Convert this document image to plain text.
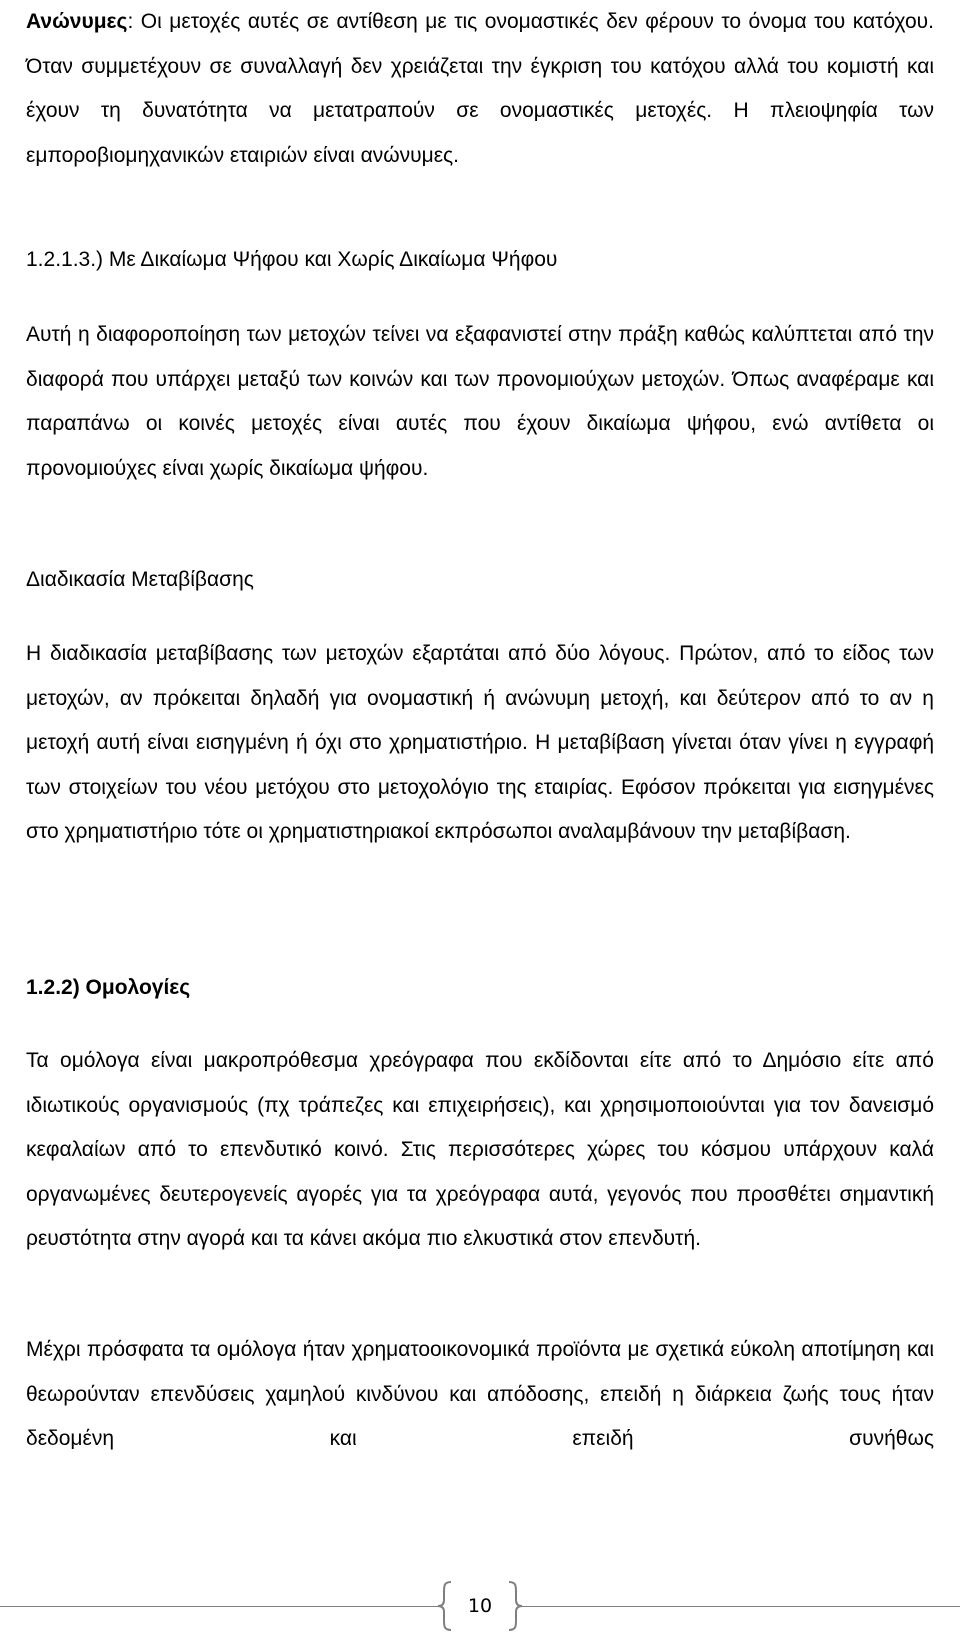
Ανώνυμες: Οι μετοχές αυτές σε αντίθεση με τις ονομαστικές δεν φέρουν το όνομα του κατόχου. Όταν συμμετέχουν σε συναλλαγή δεν χρειάζεται την έγκριση του κατόχου αλλά του κομιστή και έχουν τη δυνατότητα να μετατραπούν σε ονομαστικές μετοχές. Η πλειοψηφία των εμποροβιομηχανικών εταιριών είναι ανώνυμες.

1.2.1.3.) Με Δικαίωμα Ψήφου και Χωρίς Δικαίωμα Ψήφου

Αυτή η διαφοροποίηση των μετοχών τείνει να εξαφανιστεί στην πράξη καθώς καλύπτεται από την διαφορά που υπάρχει μεταξύ των κοινών και των προνομιούχων μετοχών. Όπως αναφέραμε και παραπάνω οι κοινές μετοχές είναι αυτές που έχουν δικαίωμα ψήφου, ενώ αντίθετα οι προνομιούχες είναι χωρίς δικαίωμα ψήφου.

Διαδικασία Μεταβίβασης

Η διαδικασία μεταβίβασης των μετοχών εξαρτάται από δύο λόγους. Πρώτον, από το είδος των μετοχών, αν πρόκειται δηλαδή για ονομαστική ή ανώνυμη μετοχή, και δεύτερον από το αν η μετοχή αυτή είναι εισηγμένη ή όχι στο χρηματιστήριο. Η μεταβίβαση γίνεται όταν γίνει η εγγραφή των στοιχείων του νέου μετόχου στο μετοχολόγιο της εταιρίας. Εφόσον πρόκειται για εισηγμένες στο χρηματιστήριο τότε οι χρηματιστηριακοί εκπρόσωποι αναλαμβάνουν την μεταβίβαση.

1.2.2) Ομολογίες

Τα ομόλογα είναι μακροπρόθεσμα χρεόγραφα που εκδίδονται είτε από το Δημόσιο είτε από ιδιωτικούς οργανισμούς (πχ τράπεζες και επιχειρήσεις), και χρησιμοποιούνται για τον δανεισμό κεφαλαίων από το επενδυτικό κοινό. Στις περισσότερες χώρες του κόσμου υπάρχουν καλά οργανωμένες δευτερογενείς αγορές για τα χρεόγραφα αυτά, γεγονός που προσθέτει σημαντική ρευστότητα στην αγορά και τα κάνει ακόμα πιο ελκυστικά στον επενδυτή.

Μέχρι πρόσφατα τα ομόλογα ήταν χρηματοοικονομικά προϊόντα με σχετικά εύκολη αποτίμηση και θεωρούνταν επενδύσεις χαμηλού κινδύνου και απόδοσης, επειδή η διάρκεια ζωής τους ήταν δεδομένη και επειδή συνήθως

10
